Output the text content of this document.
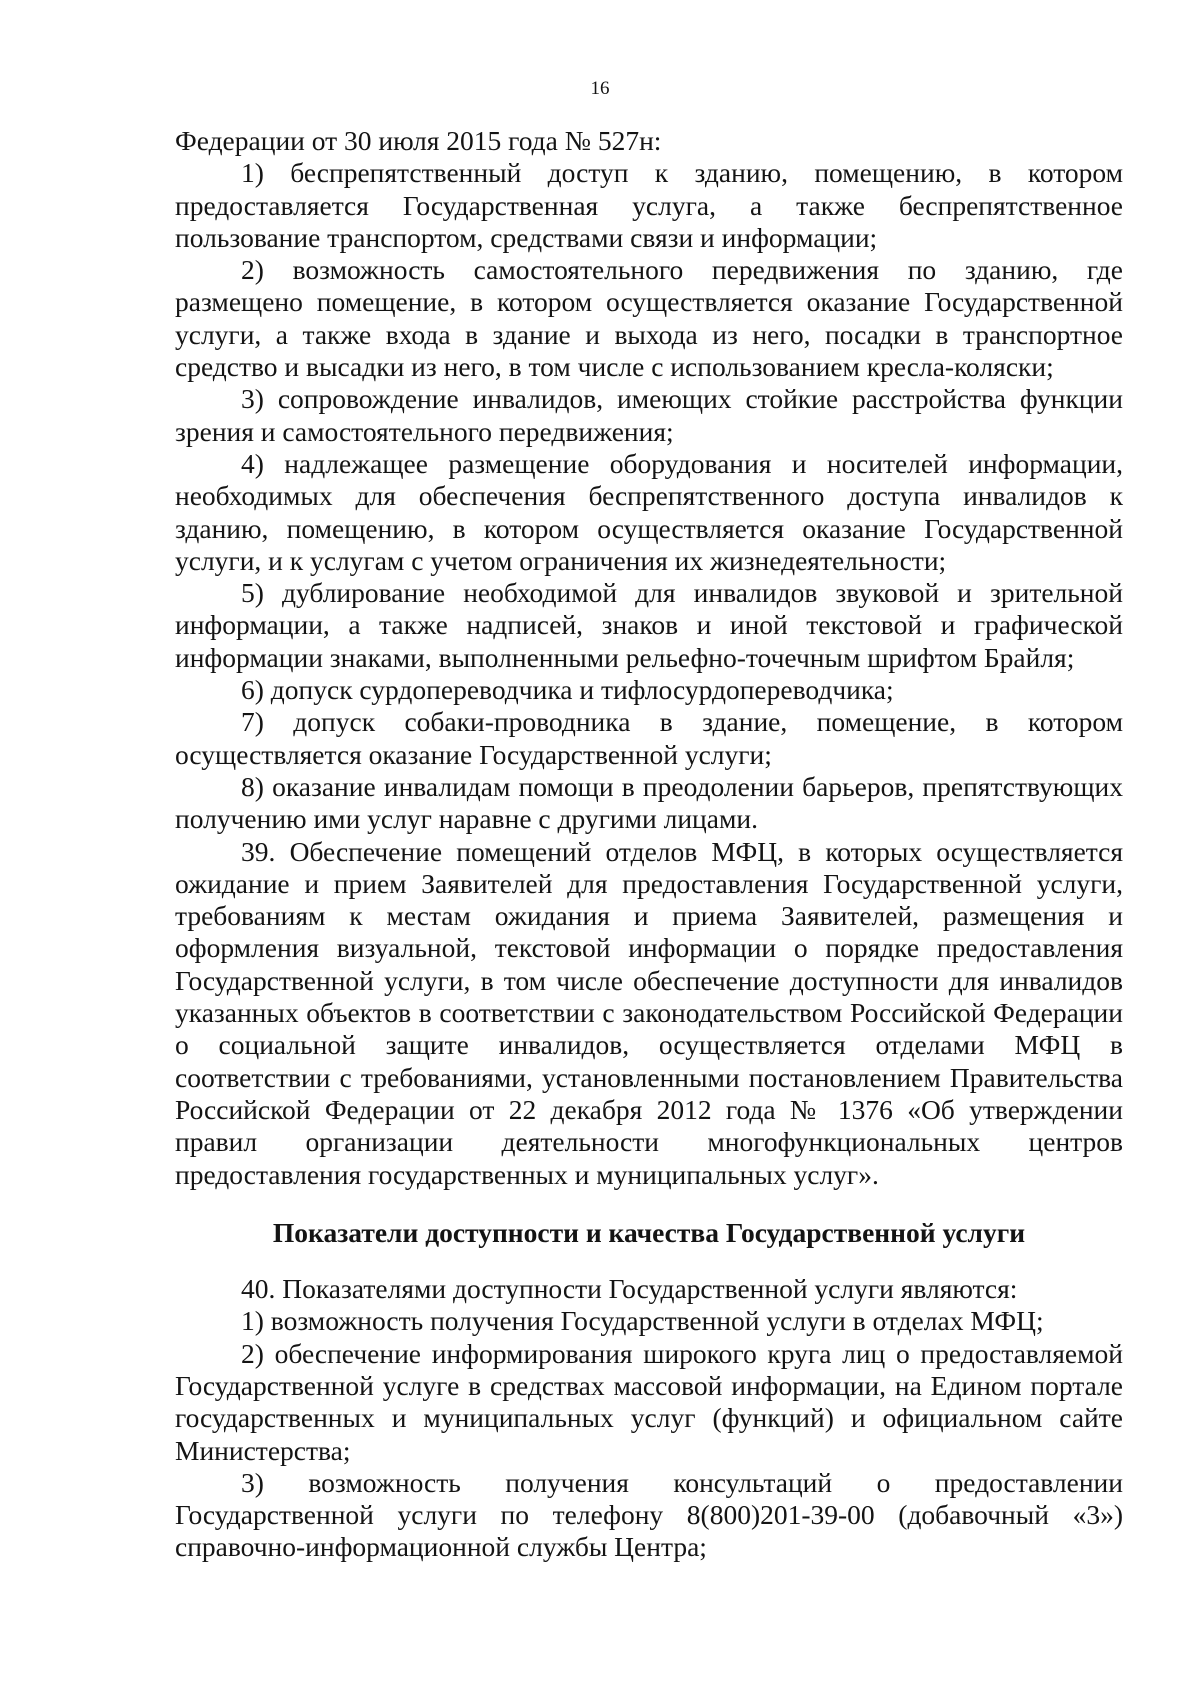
16

Федерации от 30 июля 2015 года № 527н:

1) беспрепятственный доступ к зданию, помещению, в котором предоставляется Государственная услуга, а также беспрепятственное пользование транспортом, средствами связи и информации;

2) возможность самостоятельного передвижения по зданию, где размещено помещение, в котором осуществляется оказание Государственной услуги, а также входа в здание и выхода из него, посадки в транспортное средство и высадки из него, в том числе с использованием кресла-коляски;

3) сопровождение инвалидов, имеющих стойкие расстройства функции зрения и самостоятельного передвижения;

4) надлежащее размещение оборудования и носителей информации, необходимых для обеспечения беспрепятственного доступа инвалидов к зданию, помещению, в котором осуществляется оказание Государственной услуги, и к услугам с учетом ограничения их жизнедеятельности;

5) дублирование необходимой для инвалидов звуковой и зрительной информации, а также надписей, знаков и иной текстовой и графической информации знаками, выполненными рельефно-точечным шрифтом Брайля;

6) допуск сурдопереводчика и тифлосурдопереводчика;

7) допуск собаки-проводника в здание, помещение, в котором осуществляется оказание Государственной услуги;

8) оказание инвалидам помощи в преодолении барьеров, препятствующих получению ими услуг наравне с другими лицами.

39. Обеспечение помещений отделов МФЦ, в которых осуществляется ожидание и прием Заявителей для предоставления Государственной услуги, требованиям к местам ожидания и приема Заявителей, размещения и оформления визуальной, текстовой информации о порядке предоставления Государственной услуги, в том числе обеспечение доступности для инвалидов указанных объектов в соответствии с законодательством Российской Федерации о социальной защите инвалидов, осуществляется отделами МФЦ в соответствии с требованиями, установленными постановлением Правительства Российской Федерации от 22 декабря 2012 года № 1376 «Об утверждении правил организации деятельности многофункциональных центров предоставления государственных и муниципальных услуг».

Показатели доступности и качества Государственной услуги

40. Показателями доступности Государственной услуги являются:

1) возможность получения Государственной услуги в отделах МФЦ;

2) обеспечение информирования широкого круга лиц о предоставляемой Государственной услуге в средствах массовой информации, на Едином портале государственных и муниципальных услуг (функций) и официальном сайте Министерства;

3) возможность получения консультаций о предоставлении Государственной услуги по телефону 8(800)201-39-00 (добавочный «3») справочно-информационной службы Центра;
